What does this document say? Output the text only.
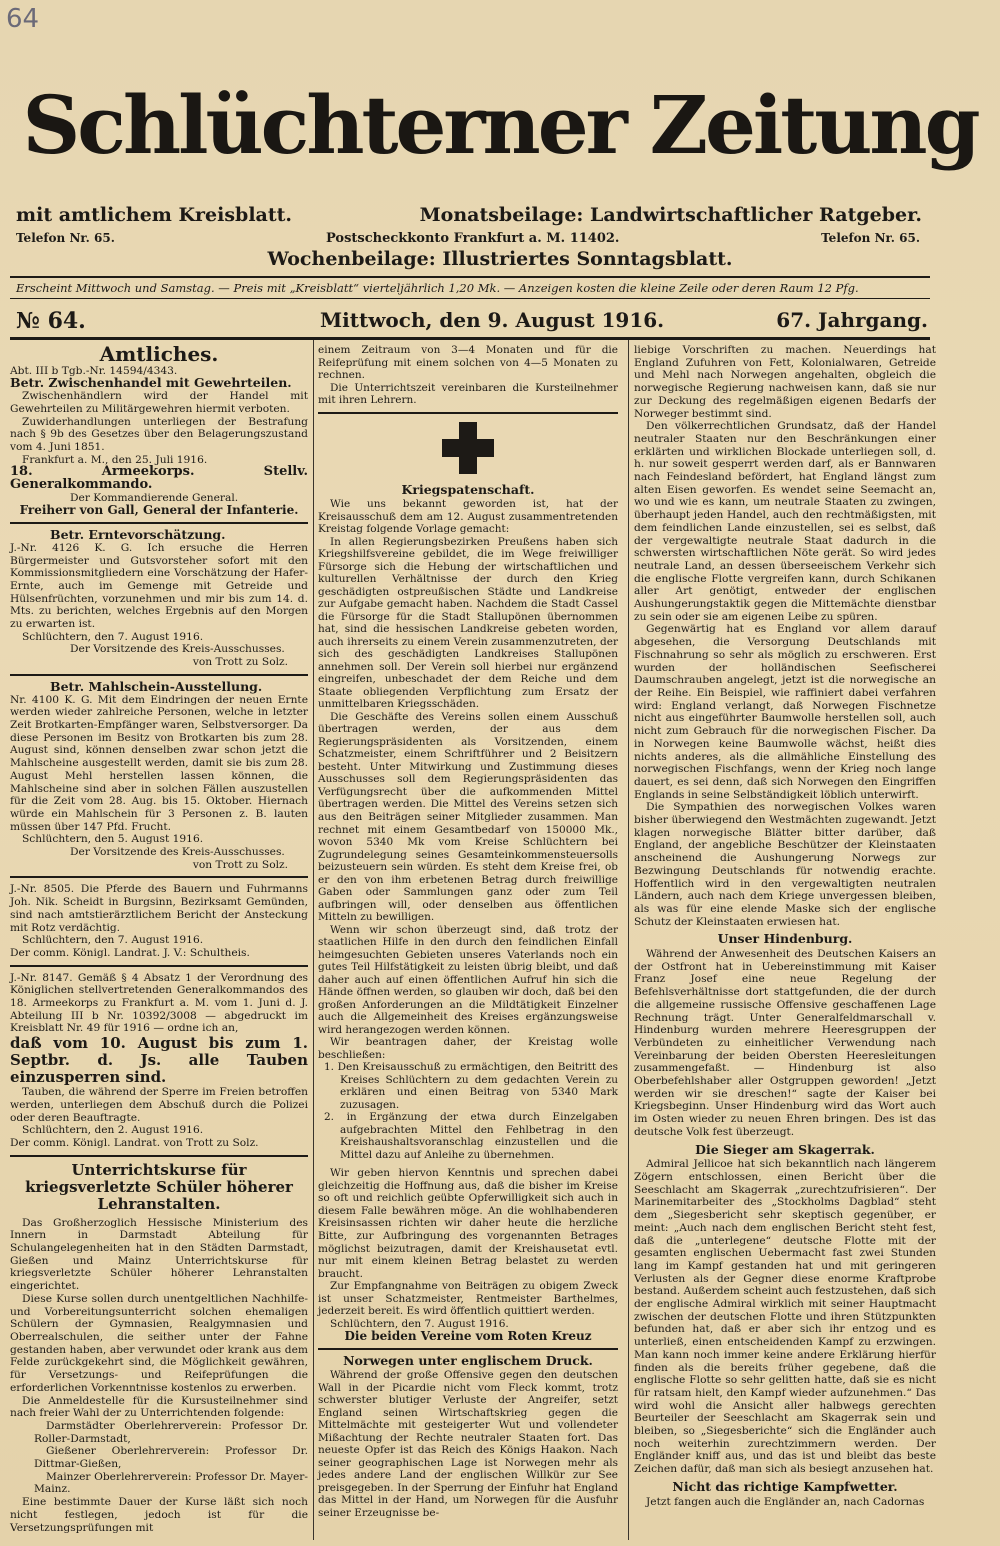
64
Schlüchterner Zeitung
mit amtlichem Kreisblatt.	Monatsbeilage: Landwirtschaftlicher Ratgeber.
Telefon Nr. 65.	Postscheckkonto Frankfurt a. M. 11402.	Telefon Nr. 65.
Wochenbeilage: Illustriertes Sonntagsblatt.
Erscheint Mittwoch und Samstag. — Preis mit „Kreisblatt“ vierteljährlich 1,20 Mk. — Anzeigen kosten die kleine Zeile oder deren Raum 12 Pfg.
№ 64.	Mittwoch, den 9. August 1916.	67. Jahrgang.
Amtliches.

Abt. III b Tgb.-Nr. 14594/4343.

Betr. Zwischenhandel mit Gewehrteilen.

Zwischenhändlern wird der Handel mit Gewehrteilen zu Militärgewehren hiermit verboten.

Zuwiderhandlungen unterliegen der Bestrafung nach § 9b des Gesetzes über den Belagerungszustand vom 4. Juni 1851.

Frankfurt a. M., den 25. Juli 1916.

18. Armeekorps. Stellv. Generalkommando.

Der Kommandierende General.

Freiherr von Gall, General der Infanterie.

Betr. Erntevorschätzung.

J.-Nr. 4126 K. G. Ich ersuche die Herren Bürgermeister und Gutsvorsteher sofort mit den Kommissionsmitgliedern eine Vorschätzung der Hafer-Ernte, auch im Gemenge mit Getreide und Hülsenfrüchten, vorzunehmen und mir bis zum 14. d. Mts. zu berichten, welches Ergebnis auf den Morgen zu erwarten ist.

Schlüchtern, den 7. August 1916.

Der Vorsitzende des Kreis-Ausschusses.

von Trott zu Solz.

Betr. Mahlschein-Ausstellung.

Nr. 4100 K. G. Mit dem Eindringen der neuen Ernte werden wieder zahlreiche Personen, welche in letzter Zeit Brotkarten-Empfänger waren, Selbstversorger. Da diese Personen im Besitz von Brotkarten bis zum 28. August sind, können denselben zwar schon jetzt die Mahlscheine ausgestellt werden, damit sie bis zum 28. August Mehl herstellen lassen können, die Mahlscheine sind aber in solchen Fällen auszustellen für die Zeit vom 28. Aug. bis 15. Oktober. Hiernach würde ein Mahlschein für 3 Personen z. B. lauten müssen über 147 Pfd. Frucht.

Schlüchtern, den 5. August 1916.

Der Vorsitzende des Kreis-Ausschusses.

von Trott zu Solz.

J.-Nr. 8505. Die Pferde des Bauern und Fuhrmanns Joh. Nik. Scheidt in Burgsinn, Bezirksamt Gemünden, sind nach amtstierärztlichem Bericht der Ansteckung mit Rotz verdächtig.

Schlüchtern, den 7. August 1916.

Der comm. Königl. Landrat. J. V.: Schultheis.

J.-Nr. 8147. Gemäß § 4 Absatz 1 der Verordnung des Königlichen stellvertretenden Generalkommandos des 18. Armeekorps zu Frankfurt a. M. vom 1. Juni d. J. Abteilung III b Nr. 10392/3008 — abgedruckt im Kreisblatt Nr. 49 für 1916 — ordne ich an,

daß vom 10. August bis zum 1. Septbr. d. Js. alle Tauben einzusperren sind.

Tauben, die während der Sperre im Freien betroffen werden, unterliegen dem Abschuß durch die Polizei oder deren Beauftragte.

Schlüchtern, den 2. August 1916.

Der comm. Königl. Landrat. von Trott zu Solz.

Unterrichtskurse für kriegsverletzte Schüler höherer Lehranstalten.

Das Großherzoglich Hessische Ministerium des Innern in Darmstadt Abteilung für Schulangelegenheiten hat in den Städten Darmstadt, Gießen und Mainz Unterrichtskurse für kriegsverletzte Schüler höherer Lehranstalten eingerichtet.

Diese Kurse sollen durch unentgeltlichen Nachhilfe- und Vorbereitungsunterricht solchen ehemaligen Schülern der Gymnasien, Realgymnasien und Oberrealschulen, die seither unter der Fahne gestanden haben, aber verwundet oder krank aus dem Felde zurückgekehrt sind, die Möglichkeit gewähren, für Versetzungs- und Reifeprüfungen die erforderlichen Vorkenntnisse kostenlos zu erwerben.

Die Anmeldestelle für die Kursusteilnehmer sind nach freier Wahl der zu Unterrichtenden folgende:

Darmstädter Oberlehrerverein: Professor Dr. Roller-Darmstadt,

Gießener Oberlehrerverein: Professor Dr. Dittmar-Gießen,

Mainzer Oberlehrerverein: Professor Dr. Mayer-Mainz.

Eine bestimmte Dauer der Kurse läßt sich noch nicht festlegen, jedoch ist für die Versetzungsprüfungen mit

einem Zeitraum von 3—4 Monaten und für die Reifeprüfung mit einem solchen von 4—5 Monaten zu rechnen.

Die Unterrichtszeit vereinbaren die Kursteilnehmer mit ihren Lehrern.

Kriegspatenschaft.

Wie uns bekannt geworden ist, hat der Kreisausschuß dem am 12. August zusammentretenden Kreistag folgende Vorlage gemacht:

In allen Regierungsbezirken Preußens haben sich Kriegshilfsvereine gebildet, die im Wege freiwilliger Fürsorge sich die Hebung der wirtschaftlichen und kulturellen Verhältnisse der durch den Krieg geschädigten ostpreußischen Städte und Landkreise zur Aufgabe gemacht haben. Nachdem die Stadt Cassel die Fürsorge für die Stadt Stallupönen übernommen hat, sind die hessischen Landkreise gebeten worden, auch ihrerseits zu einem Verein zusammenzutreten, der sich des geschädigten Landkreises Stallupönen annehmen soll. Der Verein soll hierbei nur ergänzend eingreifen, unbeschadet der dem Reiche und dem Staate obliegenden Verpflichtung zum Ersatz der unmittelbaren Kriegsschäden.

Die Geschäfte des Vereins sollen einem Ausschuß übertragen werden, der aus dem Regierungspräsidenten als Vorsitzenden, einem Schatzmeister, einem Schriftführer und 2 Beisitzern besteht. Unter Mitwirkung und Zustimmung dieses Ausschusses soll dem Regierungspräsidenten das Verfügungsrecht über die aufkommenden Mittel übertragen werden. Die Mittel des Vereins setzen sich aus den Beiträgen seiner Mitglieder zusammen. Man rechnet mit einem Gesamtbedarf von 150000 Mk., wovon 5340 Mk vom Kreise Schlüchtern bei Zugrundelegung seines Gesamteinkommensteuersolls beizusteuern sein würden. Es steht dem Kreise frei, ob er den von ihm erbetenen Betrag durch freiwillige Gaben oder Sammlungen ganz oder zum Teil aufbringen will, oder denselben aus öffentlichen Mitteln zu bewilligen.

Wenn wir schon überzeugt sind, daß trotz der staatlichen Hilfe in den durch den feindlichen Einfall heimgesuchten Gebieten unseres Vaterlands noch ein gutes Teil Hilfstätigkeit zu leisten übrig bleibt, und daß daher auch auf einen öffentlichen Aufruf hin sich die Hände öffnen werden, so glauben wir doch, daß bei den großen Anforderungen an die Mildtätigkeit Einzelner auch die Allgemeinheit des Kreises ergänzungsweise wird herangezogen werden können.

Wir beantragen daher, der Kreistag wolle beschließen:

1. Den Kreisausschuß zu ermächtigen, den Beitritt des Kreises Schlüchtern zu dem gedachten Verein zu erklären und einen Beitrag von 5340 Mark zuzusagen.

2. in Ergänzung der etwa durch Einzelgaben aufgebrachten Mittel den Fehlbetrag in den Kreishaushaltsvoranschlag einzustellen und die Mittel dazu auf Anleihe zu übernehmen.

Wir geben hiervon Kenntnis und sprechen dabei gleichzeitig die Hoffnung aus, daß die bisher im Kreise so oft und reichlich geübte Opferwilligkeit sich auch in diesem Falle bewähren möge. An die wohlhabenderen Kreisinsassen richten wir daher heute die herzliche Bitte, zur Aufbringung des vorgenannten Betrages möglichst beizutragen, damit der Kreishausetat evtl. nur mit einem kleinen Betrag belastet zu werden braucht.

Zur Empfangnahme von Beiträgen zu obigem Zweck ist unser Schatzmeister, Rentmeister Barthelmes, jederzeit bereit. Es wird öffentlich quittiert werden.

Schlüchtern, den 7. August 1916.

Die beiden Vereine vom Roten Kreuz

Norwegen unter englischem Druck.

Während der große Offensive gegen den deutschen Wall in der Picardie nicht vom Fleck kommt, trotz schwerster blutiger Verluste der Angreifer, setzt England seinen Wirtschaftskrieg gegen die Mittelmächte mit gesteigerter Wut und vollendeter Mißachtung der Rechte neutraler Staaten fort. Das neueste Opfer ist das Reich des Königs Haakon. Nach seiner geographischen Lage ist Norwegen mehr als jedes andere Land der englischen Willkür zur See preisgegeben. In der Sperrung der Einfuhr hat England das Mittel in der Hand, um Norwegen für die Ausfuhr seiner Erzeugnisse be-

liebige Vorschriften zu machen. Neuerdings hat England Zufuhren von Fett, Kolonialwaren, Getreide und Mehl nach Norwegen angehalten, obgleich die norwegische Regierung nachweisen kann, daß sie nur zur Deckung des regelmäßigen eigenen Bedarfs der Norweger bestimmt sind.

Den völkerrechtlichen Grundsatz, daß der Handel neutraler Staaten nur den Beschränkungen einer erklärten und wirklichen Blockade unterliegen soll, d. h. nur soweit gesperrt werden darf, als er Bannwaren nach Feindesland befördert, hat England längst zum alten Eisen geworfen. Es wendet seine Seemacht an, wo und wie es kann, um neutrale Staaten zu zwingen, überhaupt jeden Handel, auch den rechtmäßigsten, mit dem feindlichen Lande einzustellen, sei es selbst, daß der vergewaltigte neutrale Staat dadurch in die schwersten wirtschaftlichen Nöte gerät. So wird jedes neutrale Land, an dessen überseeischem Verkehr sich die englische Flotte vergreifen kann, durch Schikanen aller Art genötigt, entweder der englischen Aushungerungstaktik gegen die Mittemächte dienstbar zu sein oder sie am eigenen Leibe zu spüren.

Gegenwärtig hat es England vor allem darauf abgesehen, die Versorgung Deutschlands mit Fischnahrung so sehr als möglich zu erschweren. Erst wurden der holländischen Seefischerei Daumschrauben angelegt, jetzt ist die norwegische an der Reihe. Ein Beispiel, wie raffiniert dabei verfahren wird: England verlangt, daß Norwegen Fischnetze nicht aus eingeführter Baumwolle herstellen soll, auch nicht zum Gebrauch für die norwegischen Fischer. Da in Norwegen keine Baumwolle wächst, heißt dies nichts anderes, als die allmähliche Einstellung des norwegischen Fischfangs, wenn der Krieg noch lange dauert, es sei denn, daß sich Norwegen den Eingriffen Englands in seine Selbständigkeit löblich unterwirft.

Die Sympathien des norwegischen Volkes waren bisher überwiegend den Westmächten zugewandt. Jetzt klagen norwegische Blätter bitter darüber, daß England, der angebliche Beschützer der Kleinstaaten anscheinend die Aushungerung Norwegs zur Bezwingung Deutschlands für notwendig erachte. Hoffentlich wird in den vergewaltigten neutralen Ländern, auch nach dem Kriege unvergessen bleiben, als was für eine elende Maske sich der englische Schutz der Kleinstaaten erwiesen hat.

Unser Hindenburg.

Während der Anwesenheit des Deutschen Kaisers an der Ostfront hat in Uebereinstimmung mit Kaiser Franz Josef eine neue Regelung der Befehlsverhältnisse dort stattgefunden, die der durch die allgemeine russische Offensive geschaffenen Lage Rechnung trägt. Unter Generalfeldmarschall v. Hindenburg wurden mehrere Heeresgruppen der Verbündeten zu einheitlicher Verwendung nach Vereinbarung der beiden Obersten Heeresleitungen zusammengefaßt. — Hindenburg ist also Oberbefehlshaber aller Ostgruppen geworden! „Jetzt werden wir sie dreschen!“ sagte der Kaiser bei Kriegsbeginn. Unser Hindenburg wird das Wort auch im Osten wieder zu neuen Ehren bringen. Des ist das deutsche Volk fest überzeugt.

Die Sieger am Skagerrak.

Admiral Jellicoe hat sich bekanntlich nach längerem Zögern entschlossen, einen Bericht über die Seeschlacht am Skagerrak „zurechtzufrisieren“. Der Marinemitarbeiter des „Stockholms Dagblad“ steht dem „Siegesbericht sehr skeptisch gegenüber, er meint: „Auch nach dem englischen Bericht steht fest, daß die „unterlegene“ deutsche Flotte mit der gesamten englischen Uebermacht fast zwei Stunden lang im Kampf gestanden hat und mit geringeren Verlusten als der Gegner diese enorme Kraftprobe bestand. Außerdem scheint auch festzustehen, daß sich der englische Admiral wirklich mit seiner Hauptmacht zwischen der deutschen Flotte und ihren Stützpunkten befunden hat, daß er aber sich ihr entzog und es unterließ, einen entscheidenden Kampf zu erzwingen. Man kann noch immer keine andere Erklärung hierfür finden als die bereits früher gegebene, daß die englische Flotte so sehr gelitten hatte, daß sie es nicht für ratsam hielt, den Kampf wieder aufzunehmen.“ Das wird wohl die Ansicht aller halbwegs gerechten Beurteiler der Seeschlacht am Skagerrak sein und bleiben, so „Siegesberichte“ sich die Engländer auch noch weiterhin zurechtzimmern werden. Der Engländer kniff aus, und das ist und bleibt das beste Zeichen dafür, daß man sich als besiegt anzusehen hat.

Nicht das richtige Kampfwetter.

Jetzt fangen auch die Engländer an, nach Cadornas
